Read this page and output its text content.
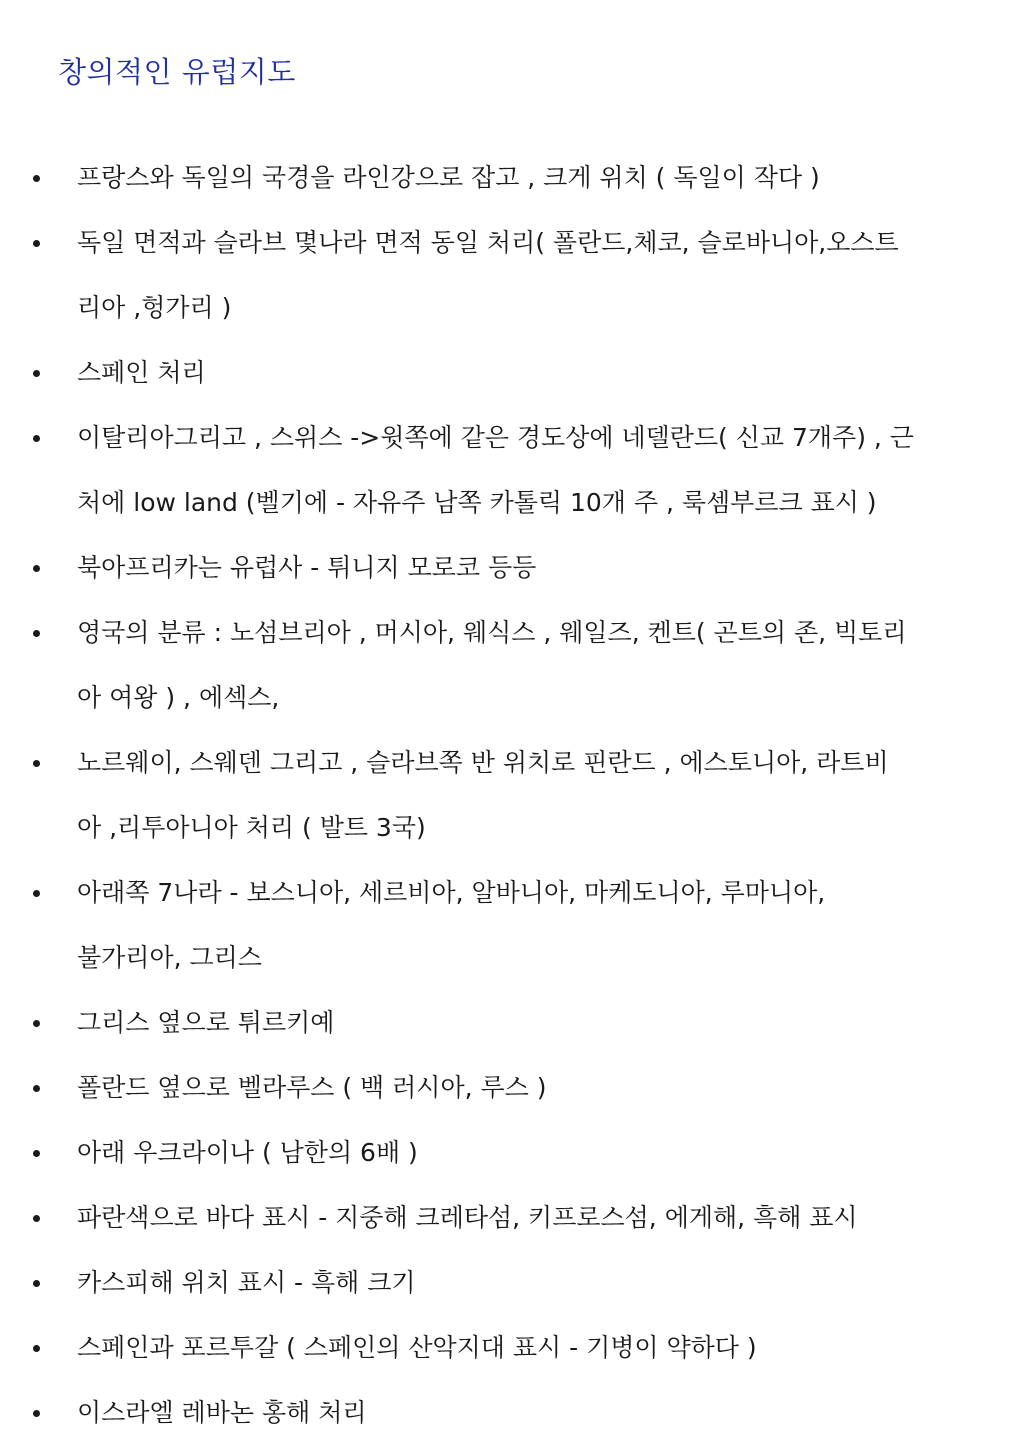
창의적인 유럽지도
프랑스와 독일의 국경을 라인강으로 잡고 , 크게 위치 ( 독일이 작다 )
독일 면적과 슬라브 몇나라 면적 동일 처리( 폴란드,체코, 슬로바니아,오스트
리아 ,헝가리 )
스페인 처리
이탈리아그리고 , 스위스 ->윗쪽에 같은 경도상에 네델란드( 신교 7개주) , 근
처에 low land (벨기에 - 자유주 남쪽 카톨릭 10개 주 , 룩셈부르크 표시 )
북아프리카는 유럽사 - 튀니지 모로코 등등
영국의 분류 : 노섬브리아 , 머시아, 웨식스 , 웨일즈, 켄트( 곤트의 존, 빅토리
아 여왕 ) , 에섹스,
노르웨이, 스웨덴 그리고 , 슬라브쪽 반 위치로 핀란드 , 에스토니아, 라트비
아 ,리투아니아 처리 ( 발트 3국)
아래쪽 7나라 - 보스니아, 세르비아, 알바니아, 마케도니아, 루마니아,
불가리아, 그리스
그리스 옆으로 튀르키예
폴란드 옆으로 벨라루스 ( 백 러시아, 루스 )
아래 우크라이나 ( 남한의 6배 )
파란색으로 바다 표시 - 지중해 크레타섬, 키프로스섬, 에게해, 흑해 표시
카스피해 위치 표시 - 흑해 크기
스페인과 포르투갈 ( 스페인의 산악지대 표시 - 기병이 약하다 )
이스라엘 레바논 홍해 처리
